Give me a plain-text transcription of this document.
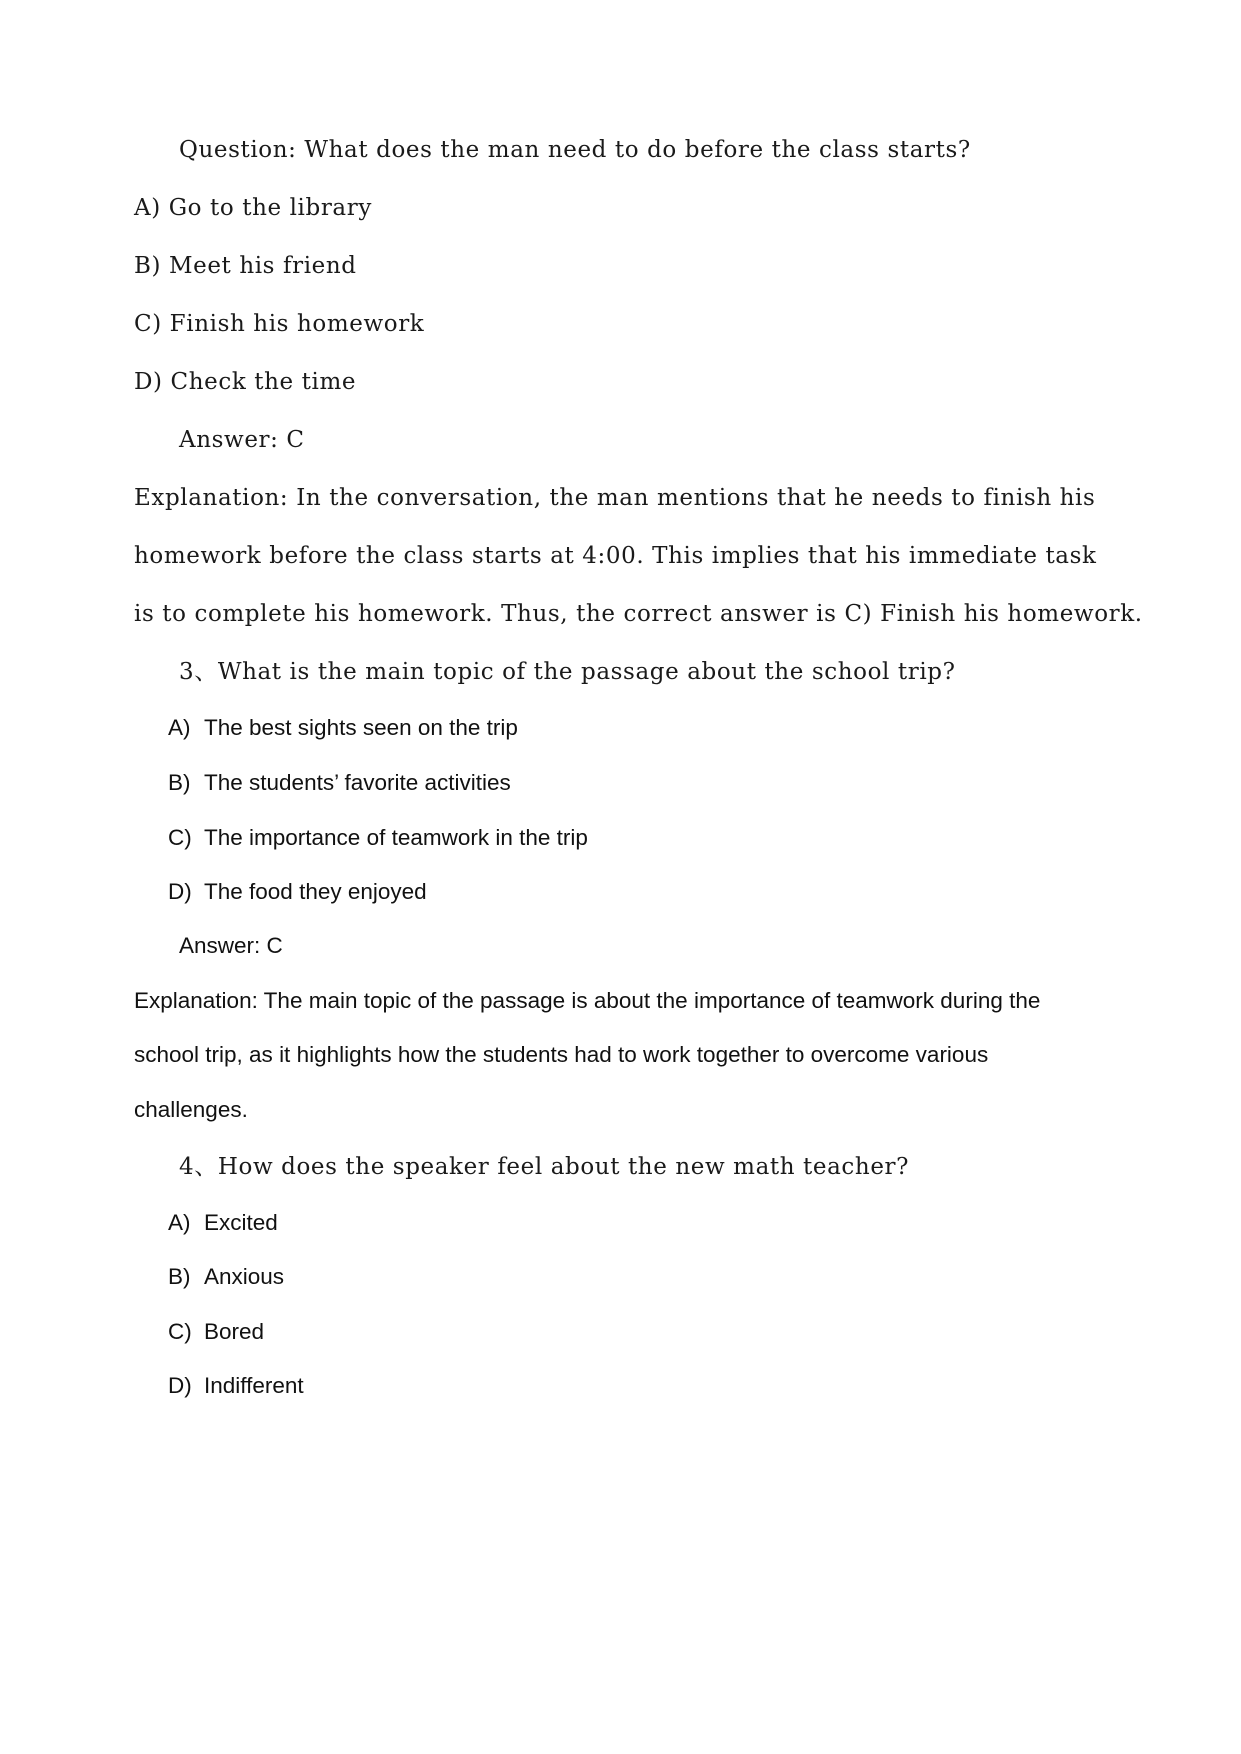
Question: What does the man need to do before the class starts?
A) Go to the library
B) Meet his friend
C) Finish his homework
D) Check the time
Answer: C
Explanation: In the conversation, the man mentions that he needs to finish his
homework before the class starts at 4:00. This implies that his immediate task
is to complete his homework. Thus, the correct answer is C) Finish his homework.
3、What is the main topic of the passage about the school trip?
A) The best sights seen on the trip
B) The students’ favorite activities
C) The importance of teamwork in the trip
D) The food they enjoyed
Answer: C
Explanation: The main topic of the passage is about the importance of teamwork during the
school trip, as it highlights how the students had to work together to overcome various
challenges.
4、How does the speaker feel about the new math teacher?
A) Excited
B) Anxious
C) Bored
D) Indifferent
